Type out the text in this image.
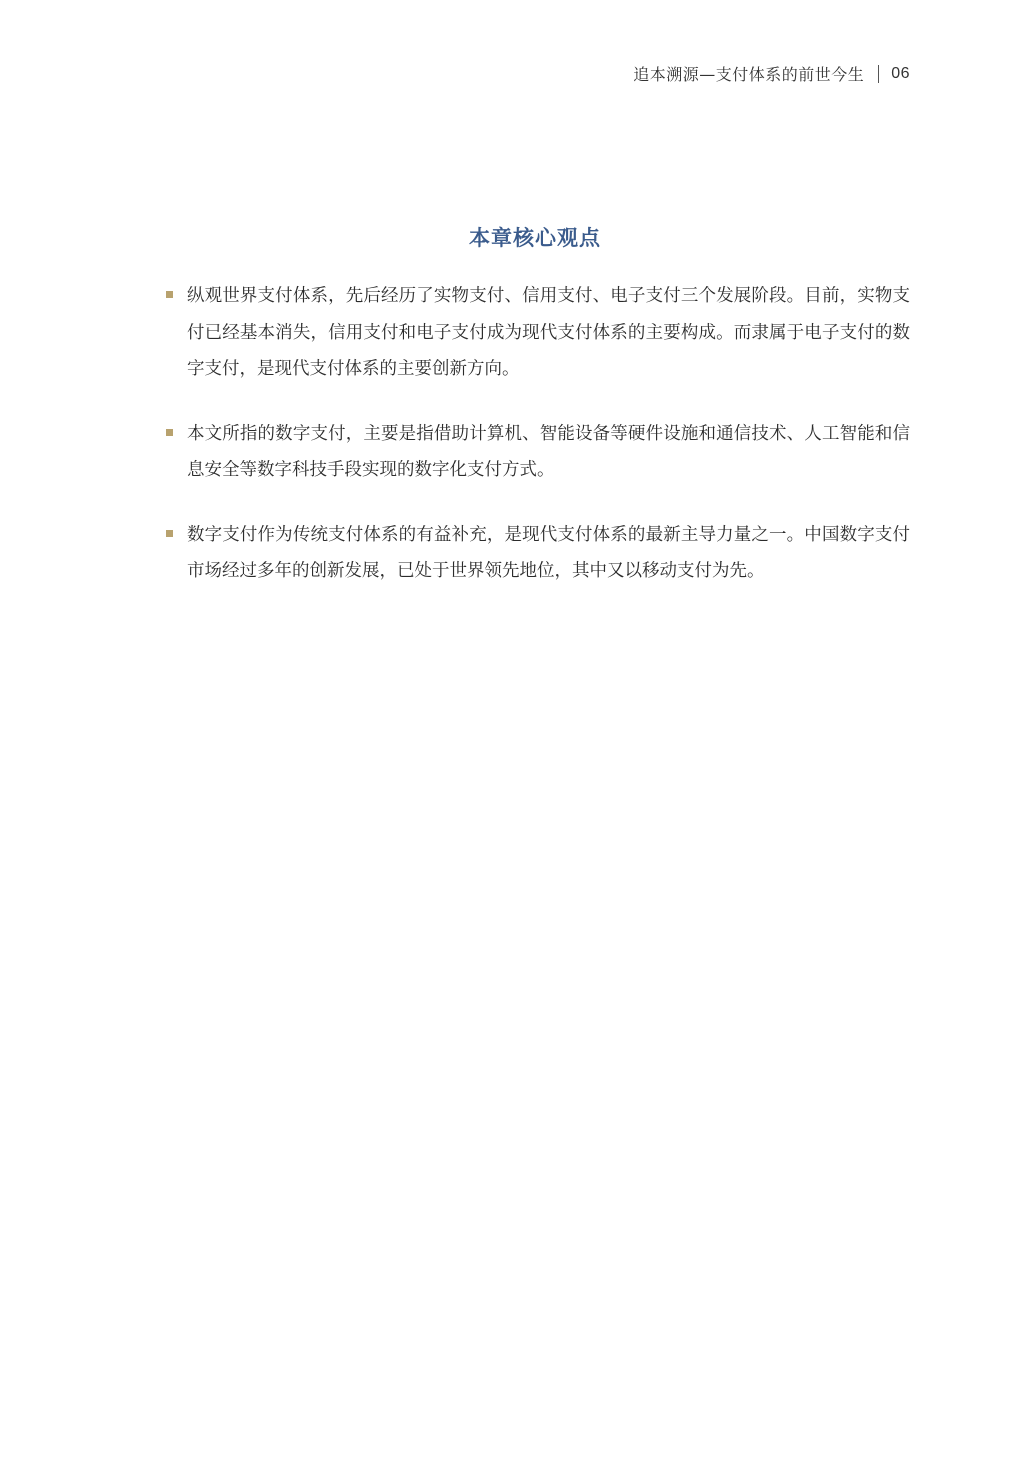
追本溯源—支付体系的前世今生 06
本章核心观点
纵观世界支付体系，先后经历了实物支付、信用支付、电子支付三个发展阶段。目前，实物支付已经基本消失，信用支付和电子支付成为现代支付体系的主要构成。而隶属于电子支付的数字支付，是现代支付体系的主要创新方向。
本文所指的数字支付，主要是指借助计算机、智能设备等硬件设施和通信技术、人工智能和信息安全等数字科技手段实现的数字化支付方式。
数字支付作为传统支付体系的有益补充，是现代支付体系的最新主导力量之一。中国数字支付市场经过多年的创新发展，已处于世界领先地位，其中又以移动支付为先。
